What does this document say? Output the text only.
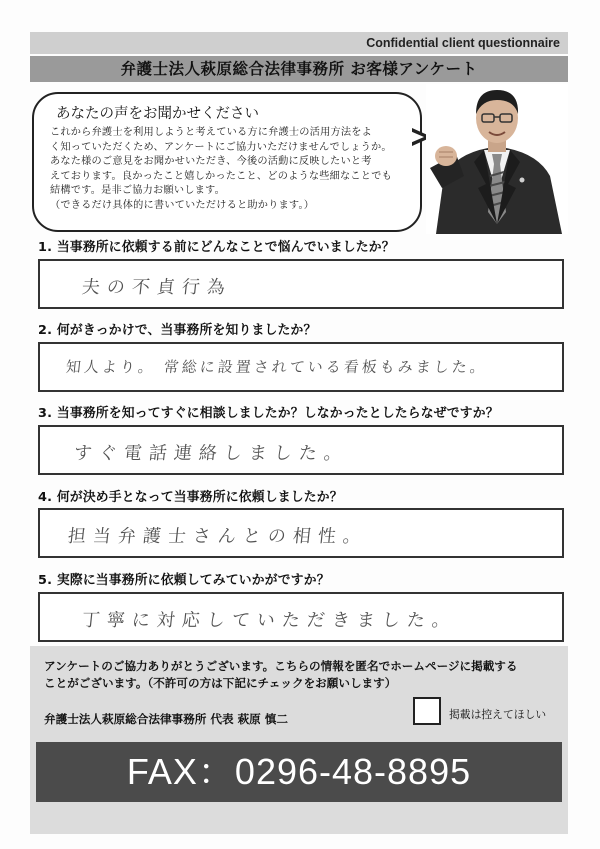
Confidential client questionnaire
弁護士法人萩原総合法律事務所 お客様アンケート
あなたの声をお聞かせください
これから弁護士を利用しようと考えている方に弁護士の活用方法をよ
く知っていただくため、アンケートにご協力いただけませんでしょうか。
あなた様のご意見をお聞かせいただき、今後の活動に反映したいと考
えております。良かったこと嬉しかったこと、どのような些細なことでも
結構です。是非ご協力お願いします。
（できるだけ具体的に書いていただけると助かります。）
1. 当事務所に依頼する前にどんなことで悩んでいましたか？
夫の不貞行為
2. 何がきっかけで、当事務所を知りましたか？
知人より。 常総に設置されている看板もみました。
3. 当事務所を知ってすぐに相談しましたか？しなかったとしたらなぜですか？
すぐ電話連絡しました。
4. 何が決め手となって当事務所に依頼しましたか？
担当弁護士さんとの相性。
5. 実際に当事務所に依頼してみていかがですか？
丁寧に対応していただきました。
アンケートのご協力ありがとうございます。こちらの情報を匿名でホームページに掲載する
ことがございます。（不許可の方は下記にチェックをお願いします）
弁護士法人萩原総合法律事務所 代表 萩原 慎二	掲載は控えてほしい
FAX：0296-48-8895
